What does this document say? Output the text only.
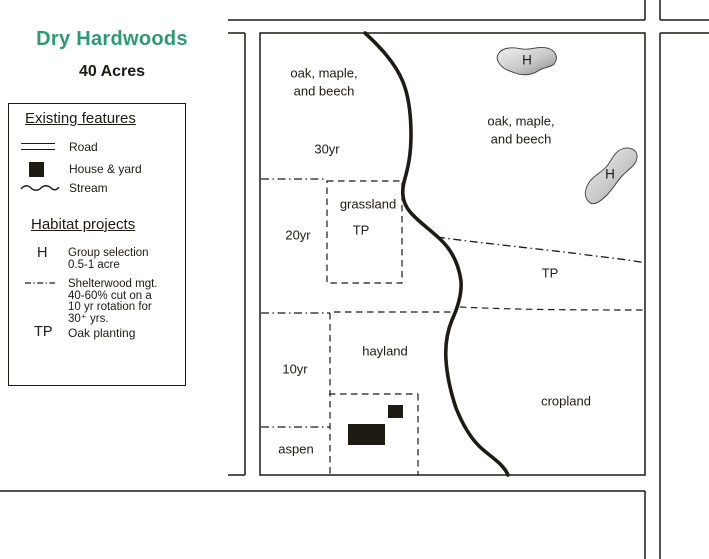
Dry Hardwoods
40 Acres
Existing features
Road
House & yard
Stream
Habitat projects
H Group selection
0.5-1 acre
Shelterwood mgt.
40-60% cut on a
10 yr rotation for
30⁺ yrs.
TP Oak planting
oak, maple,
and beech
30yr
grassland
TP
20yr
oak, maple,
and beech
TP
10yr
hayland
aspen
cropland
H
H
